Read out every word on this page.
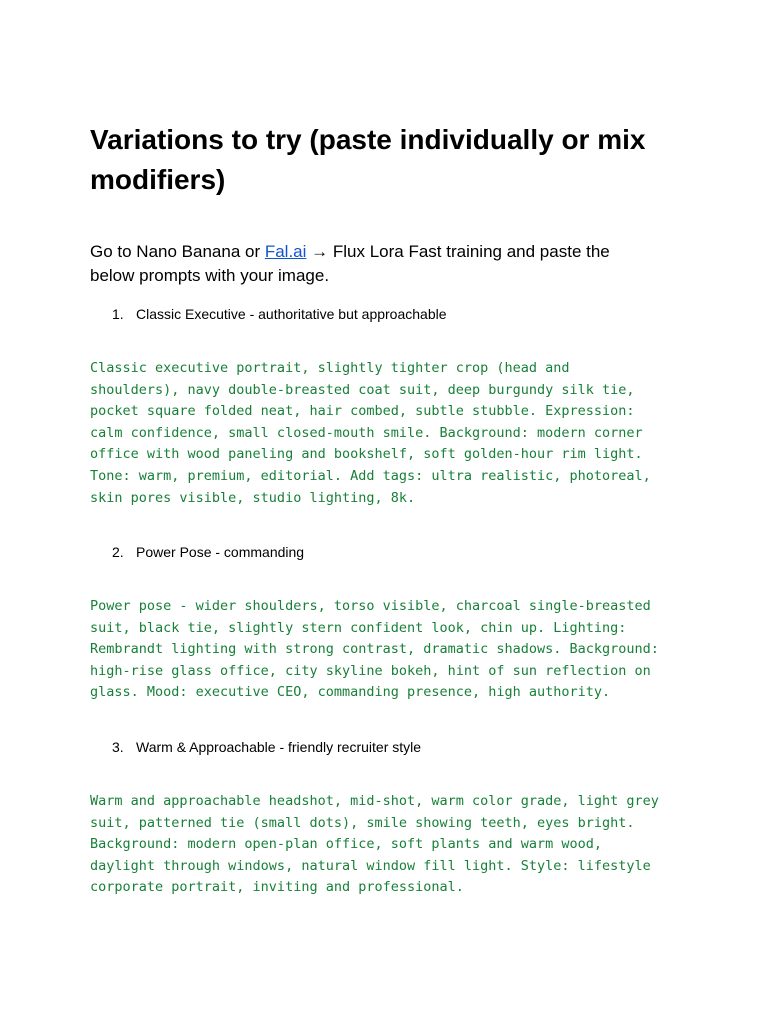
Variations to try (paste individually or mix modifiers)

Go to Nano Banana or Fal.ai → Flux Lora Fast training and paste the below prompts with your image.

1. Classic Executive - authoritative but approachable

Classic executive portrait, slightly tighter crop (head and
shoulders), navy double-breasted coat suit, deep burgundy silk tie,
pocket square folded neat, hair combed, subtle stubble. Expression:
calm confidence, small closed-mouth smile. Background: modern corner
office with wood paneling and bookshelf, soft golden-hour rim light.
Tone: warm, premium, editorial. Add tags: ultra realistic, photoreal,
skin pores visible, studio lighting, 8k.

2. Power Pose - commanding

Power pose - wider shoulders, torso visible, charcoal single-breasted
suit, black tie, slightly stern confident look, chin up. Lighting:
Rembrandt lighting with strong contrast, dramatic shadows. Background:
high-rise glass office, city skyline bokeh, hint of sun reflection on
glass. Mood: executive CEO, commanding presence, high authority.

3. Warm & Approachable - friendly recruiter style

Warm and approachable headshot, mid-shot, warm color grade, light grey
suit, patterned tie (small dots), smile showing teeth, eyes bright.
Background: modern open-plan office, soft plants and warm wood,
daylight through windows, natural window fill light. Style: lifestyle
corporate portrait, inviting and professional.
